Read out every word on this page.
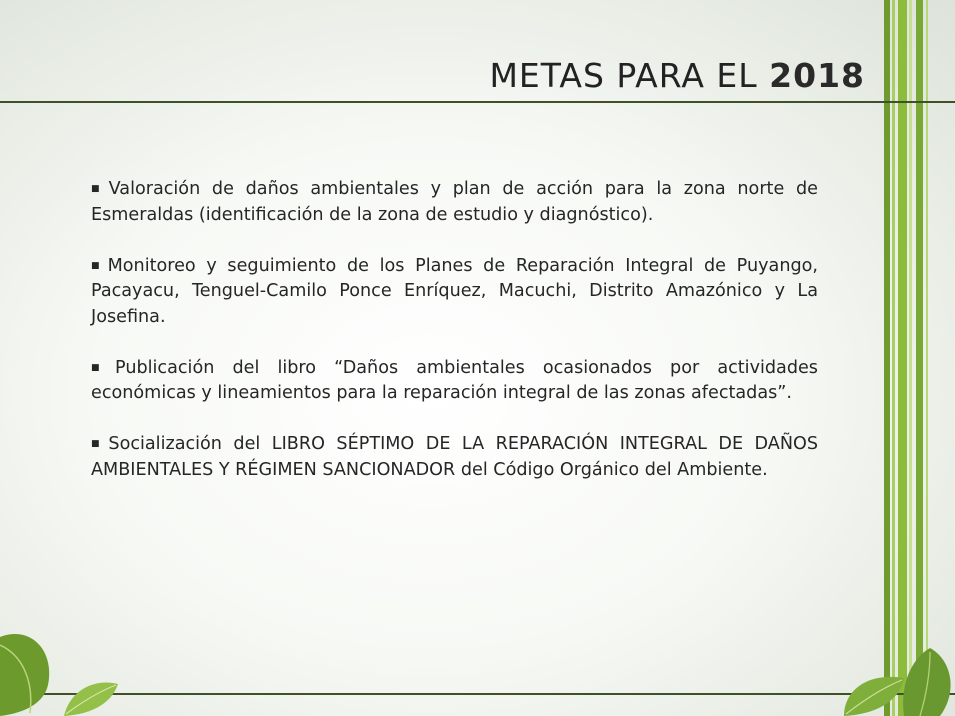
METAS PARA EL 2018

■ Valoración de daños ambientales y plan de acción para la zona norte de Esmeraldas (identificación de la zona de estudio y diagnóstico).

■ Monitoreo y seguimiento de los Planes de Reparación Integral de Puyango, Pacayacu, Tenguel-Camilo Ponce Enríquez, Macuchi, Distrito Amazónico y La Josefina.

■ Publicación del libro “Daños ambientales ocasionados por actividades económicas y lineamientos para la reparación integral de las zonas afectadas”.

■ Socialización del LIBRO SÉPTIMO DE LA REPARACIÓN INTEGRAL DE DAÑOS AMBIENTALES Y RÉGIMEN SANCIONADOR del Código Orgánico del Ambiente.
